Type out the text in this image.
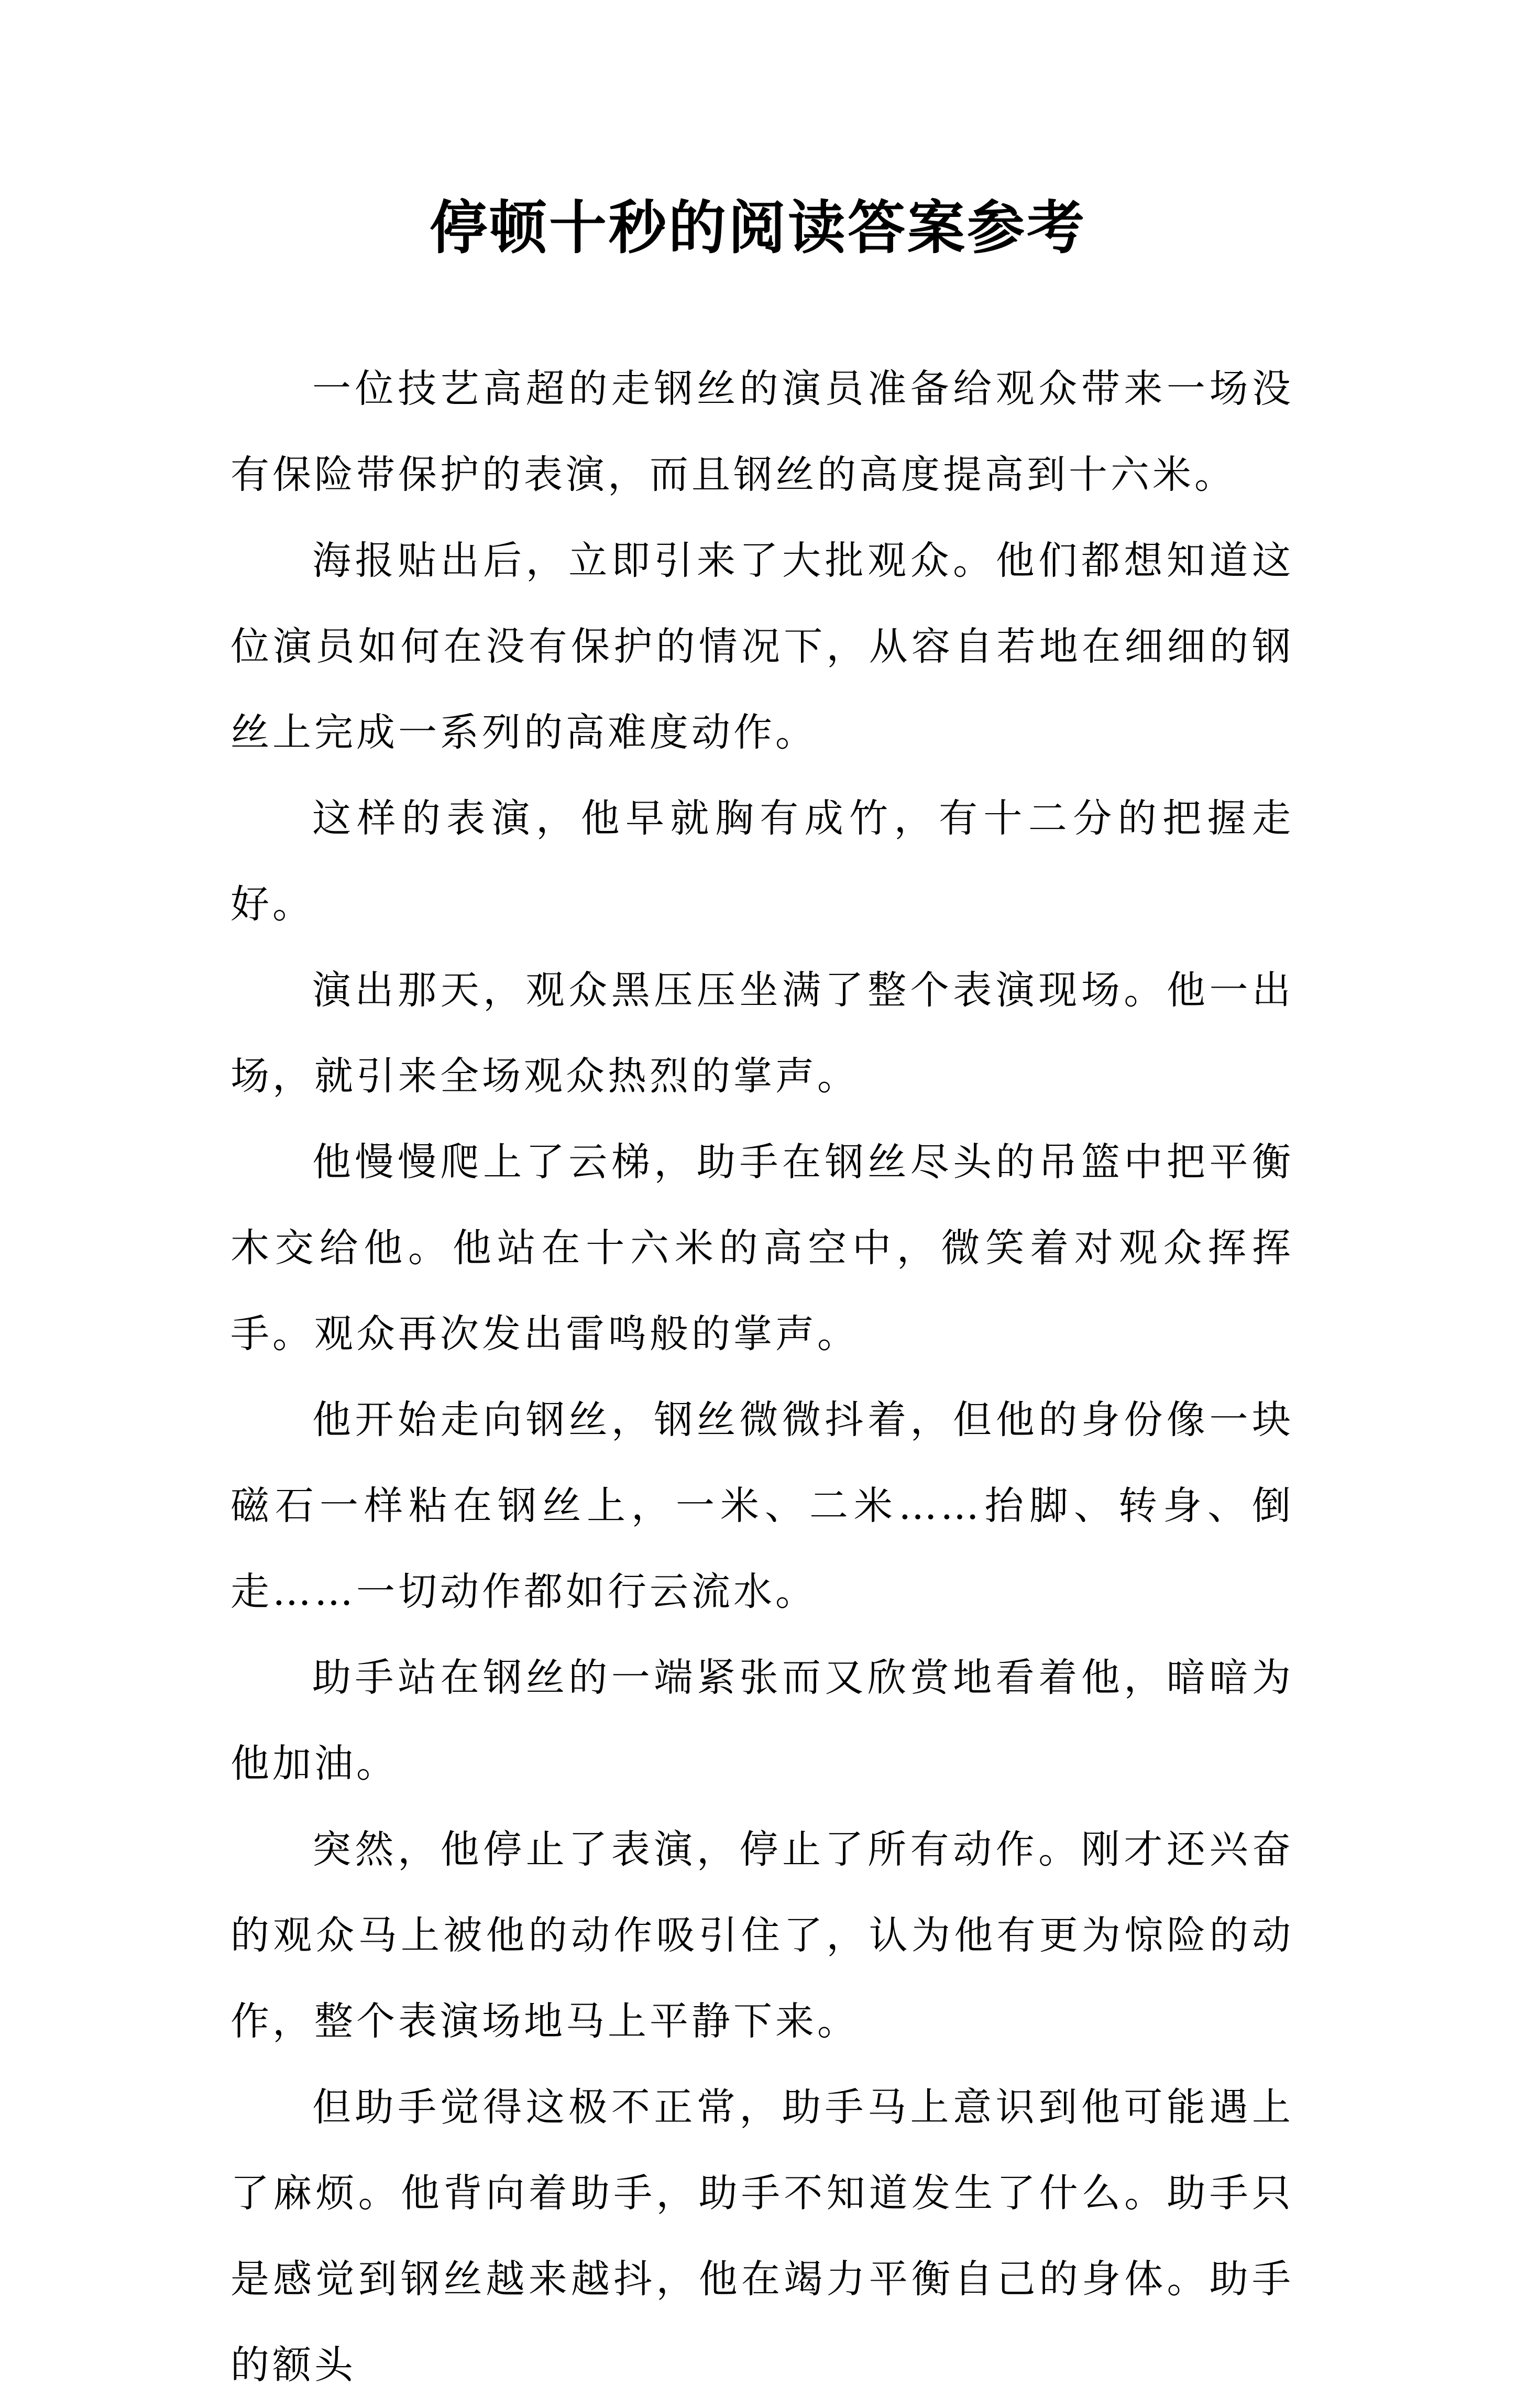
停顿十秒的阅读答案参考

一位技艺高超的走钢丝的演员准备给观众带来一场没有保险带保护的表演，而且钢丝的高度提高到十六米。

海报贴出后，立即引来了大批观众。他们都想知道这位演员如何在没有保护的情况下，从容自若地在细细的钢丝上完成一系列的高难度动作。

这样的表演，他早就胸有成竹，有十二分的把握走好。

演出那天，观众黑压压坐满了整个表演现场。他一出场，就引来全场观众热烈的掌声。

他慢慢爬上了云梯，助手在钢丝尽头的吊篮中把平衡木交给他。他站在十六米的高空中，微笑着对观众挥挥手。观众再次发出雷鸣般的掌声。

他开始走向钢丝，钢丝微微抖着，但他的身份像一块磁石一样粘在钢丝上，一米、二米……抬脚、转身、倒走……一切动作都如行云流水。

助手站在钢丝的一端紧张而又欣赏地看着他，暗暗为他加油。

突然，他停止了表演，停止了所有动作。刚才还兴奋的观众马上被他的动作吸引住了，认为他有更为惊险的动作，整个表演场地马上平静下来。

但助手觉得这极不正常，助手马上意识到他可能遇上了麻烦。他背向着助手，助手不知道发生了什么。助手只是感觉到钢丝越来越抖，他在竭力平衡自己的身体。助手的额头
